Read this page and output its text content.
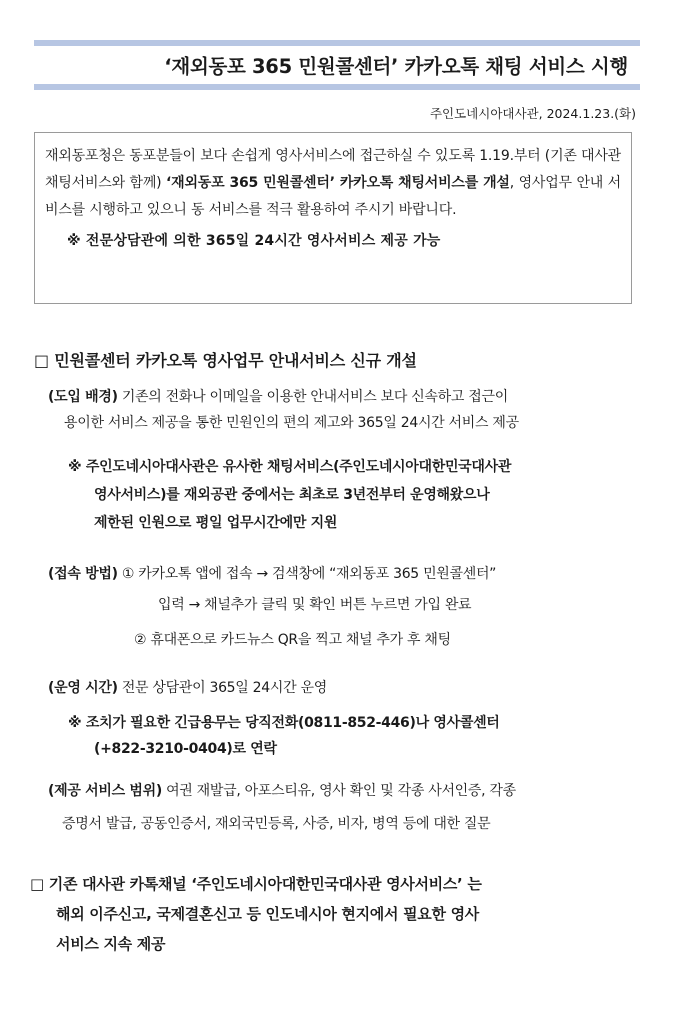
‘재외동포 365 민원콜센터’ 카카오톡 채팅 서비스 시행
주인도네시아대사관, 2024.1.23.(화)
재외동포청은 동포분들이 보다 손쉽게 영사서비스에 접근하실 수 있도록 1.19.부터 (기존 대사관 채팅서비스와 함께) ‘재외동포 365 민원콜센터’ 카카오톡 채팅서비스를 개설, 영사업무 안내 서비스를 시행하고 있으니 동 서비스를 적극 활용하여 주시기 바랍니다.
※ 전문상담관에 의한 365일 24시간 영사서비스 제공 가능
□ 민원콜센터 카카오톡 영사업무 안내서비스 신규 개설
(도입 배경) 기존의 전화나 이메일을 이용한 안내서비스 보다 신속하고 접근이
용이한 서비스 제공을 통한 민원인의 편의 제고와 365일 24시간 서비스 제공
※ 주인도네시아대사관은 유사한 채팅서비스(주인도네시아대한민국대사관
영사서비스)를 재외공관 중에서는 최초로 3년전부터 운영해왔으나
제한된 인원으로 평일 업무시간에만 지원
(접속 방법) ① 카카오톡 앱에 접속 → 검색창에 “재외동포 365 민원콜센터”
입력 → 채널추가 클릭 및 확인 버튼 누르면 가입 완료
② 휴대폰으로 카드뉴스 QR을 찍고 채널 추가 후 채팅
(운영 시간) 전문 상담관이 365일 24시간 운영
※ 조치가 필요한 긴급용무는 당직전화(0811-852-446)나 영사콜센터
(+822-3210-0404)로 연락
(제공 서비스 범위) 여권 재발급, 아포스티유, 영사 확인 및 각종 사서인증, 각종
증명서 발급, 공동인증서, 재외국민등록, 사증, 비자, 병역 등에 대한 질문
□ 기존 대사관 카톡채널 ‘주인도네시아대한민국대사관 영사서비스’ 는
해외 이주신고, 국제결혼신고 등 인도네시아 현지에서 필요한 영사
서비스 지속 제공
